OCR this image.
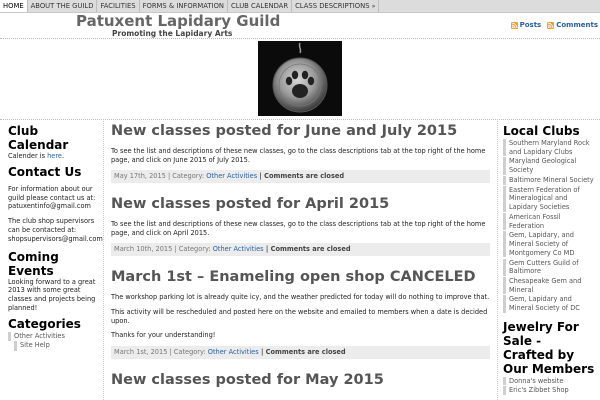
HOME	ABOUT THE GUILD	FACILITIES	FORMS & INFORMATION	CLUB CALENDAR	CLASS DESCRIPTIONS »
Patuxent Lapidary Guild
Promoting the Lapidary Arts
Posts Comments
Club Calendar

Calender is here.

Contact Us

For information about our guild please contact us at: patuxentinfo@gmail.com

The club shop supervisors can be contacted at: shopsupervisors@gmail.com

Coming Events

Looking forward to a great 2013 with some great classes and projects being planned!

Categories
Other Activities
Site Help
New classes posted for June and July 2015

To see the list and descriptions of these new classes, go to the class descriptions tab at the top right of the home page, and click on June 2015 of July 2015.

May 17th, 2015 | Category: Other Activities | Comments are closed
New classes posted for April 2015

To see the list and descriptions of these new classes, go to the class descriptions tab at the top right of the home page, and click on April 2015.

March 10th, 2015 | Category: Other Activities | Comments are closed
March 1st – Enameling open shop CANCELED

The workshop parking lot is already quite icy, and the weather predicted for today will do nothing to improve that.

This activity will be rescheduled and posted here on the website and emailed to members when a date is decided upon.

Thanks for your understanding!

March 1st, 2015 | Category: Other Activities | Comments are closed
New classes posted for May 2015
Local Clubs
Southern Maryland Rock and Lapidary Clubs
Maryland Geological Society
Baltimore Mineral Society
Eastern Federation of Mineralogical and Lapidary Societies
American Fossil Federation
Gem, Lapidary, and Mineral Society of Montgomery Co MD
Gem Cutters Guild of Baltimore
Chesapeake Gem and Mineral
Gem, Lapidary and Mineral Society of DC
Jewelry For Sale - Crafted by Our Members
Donna's website
Eric's Zibbet Shop
